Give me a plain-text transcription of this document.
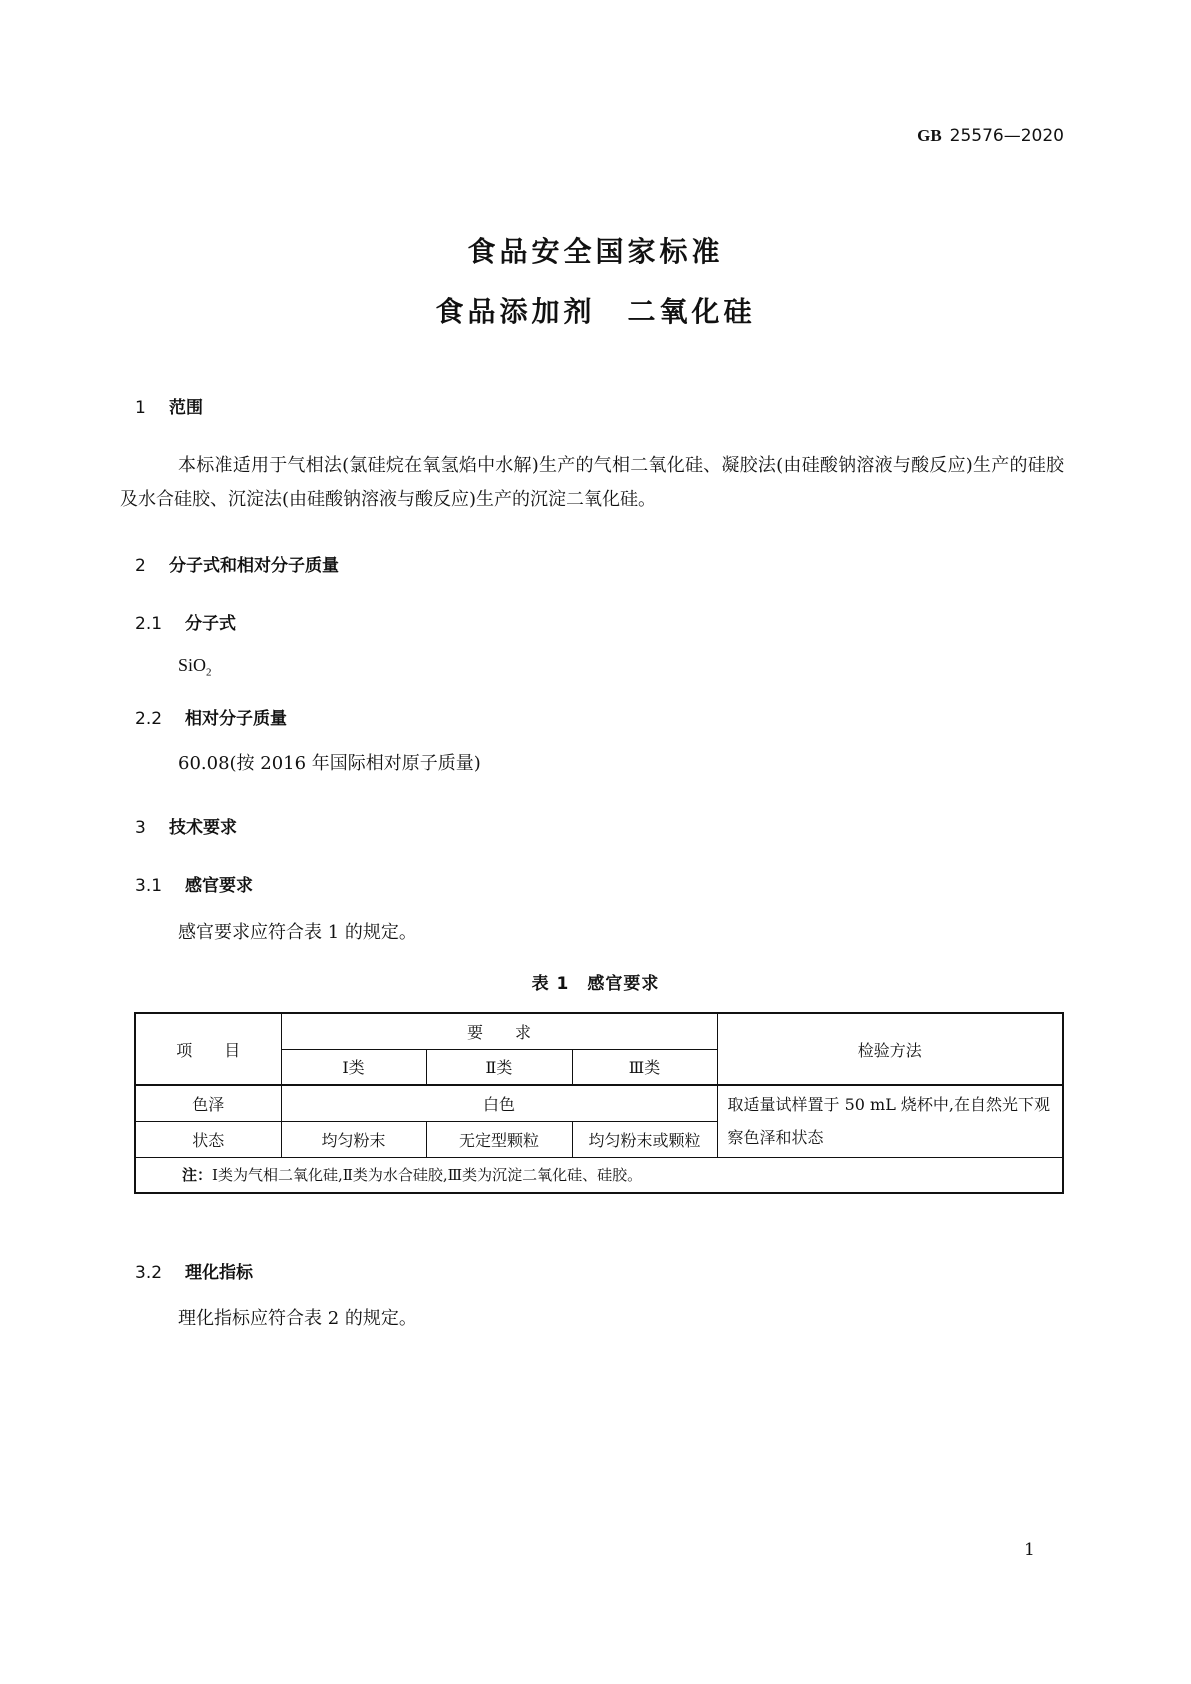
GB 25576—2020
食品安全国家标准
食品添加剂　二氧化硅
1 范围
本标准适用于气相法(氯硅烷在氧氢焰中水解)生产的气相二氧化硅、凝胶法(由硅酸钠溶液与酸反应)生产的硅胶及水合硅胶、沉淀法(由硅酸钠溶液与酸反应)生产的沉淀二氧化硅。
2 分子式和相对分子质量
2.1 分子式
SiO$_2$
2.2 相对分子质量
60.08(按 2016 年国际相对原子质量)
3 技术要求
3.1 感官要求
感官要求应符合表 1 的规定。
表 1　感官要求
项　　目	要　　求			检验方法
	Ⅰ类	Ⅱ类	Ⅲ类	
色泽	白色			取适量试样置于 50 mL 烧杯中,在自然光下观察色泽和状态
状态	均匀粉末	无定型颗粒	均匀粉末或颗粒	
注：Ⅰ类为气相二氧化硅,Ⅱ类为水合硅胶,Ⅲ类为沉淀二氧化硅、硅胶。				
3.2 理化指标
理化指标应符合表 2 的规定。
1
